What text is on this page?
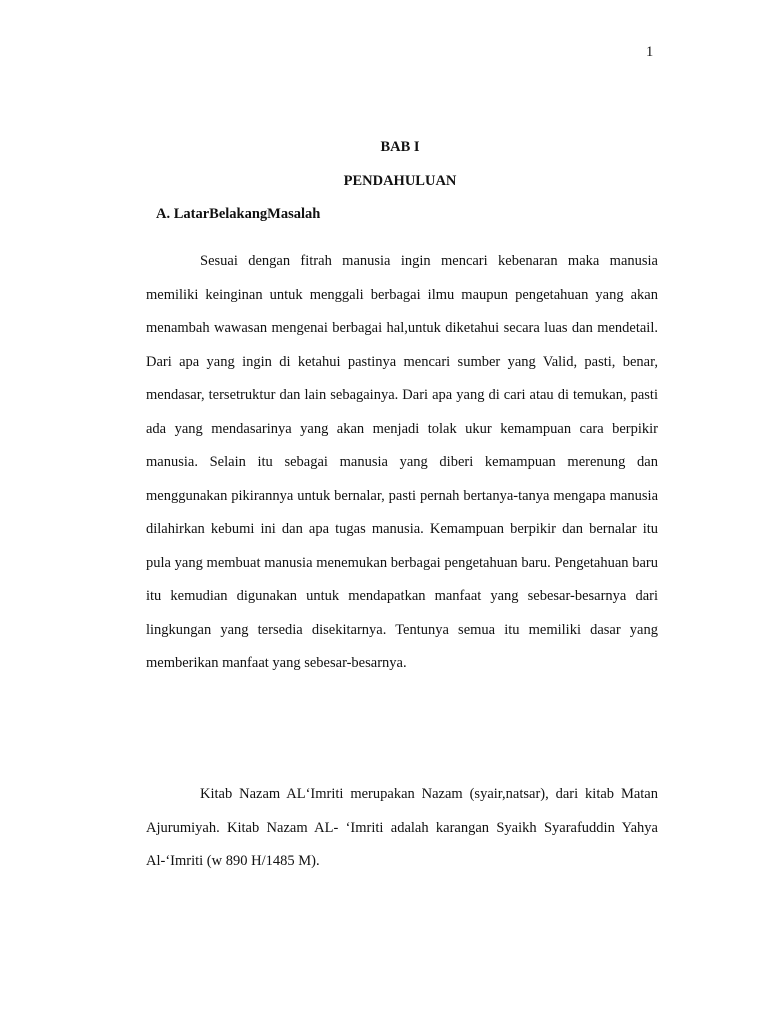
1
BAB I
PENDAHULUAN
A. LatarBelakangMasalah

Sesuai dengan fitrah manusia ingin mencari kebenaran maka manusia memiliki keinginan untuk menggali berbagai ilmu maupun pengetahuan yang akan menambah wawasan mengenai berbagai hal,untuk diketahui secara luas dan mendetail. Dari apa yang ingin di ketahui pastinya mencari sumber yang Valid, pasti, benar, mendasar, tersetruktur dan lain sebagainya. Dari apa yang di cari atau di temukan, pasti ada yang mendasarinya yang akan menjadi tolak ukur kemampuan cara berpikir manusia. Selain itu sebagai manusia yang diberi kemampuan merenung dan menggunakan pikirannya untuk bernalar, pasti pernah bertanya-tanya mengapa manusia dilahirkan kebumi ini dan apa tugas manusia. Kemampuan berpikir dan bernalar itu pula yang membuat manusia menemukan berbagai pengetahuan baru. Pengetahuan baru itu kemudian digunakan untuk mendapatkan manfaat yang sebesar-besarnya dari lingkungan yang tersedia disekitarnya. Tentunya semua itu memiliki dasar yang memberikan manfaat yang sebesar-besarnya.

Kitab Nazam AL‘Imriti merupakan Nazam (syair,natsar), dari kitab Matan Ajurumiyah. Kitab Nazam AL- ‘Imriti adalah karangan Syaikh Syarafuddin Yahya Al-‘Imriti (w 890 H/1485 M).
